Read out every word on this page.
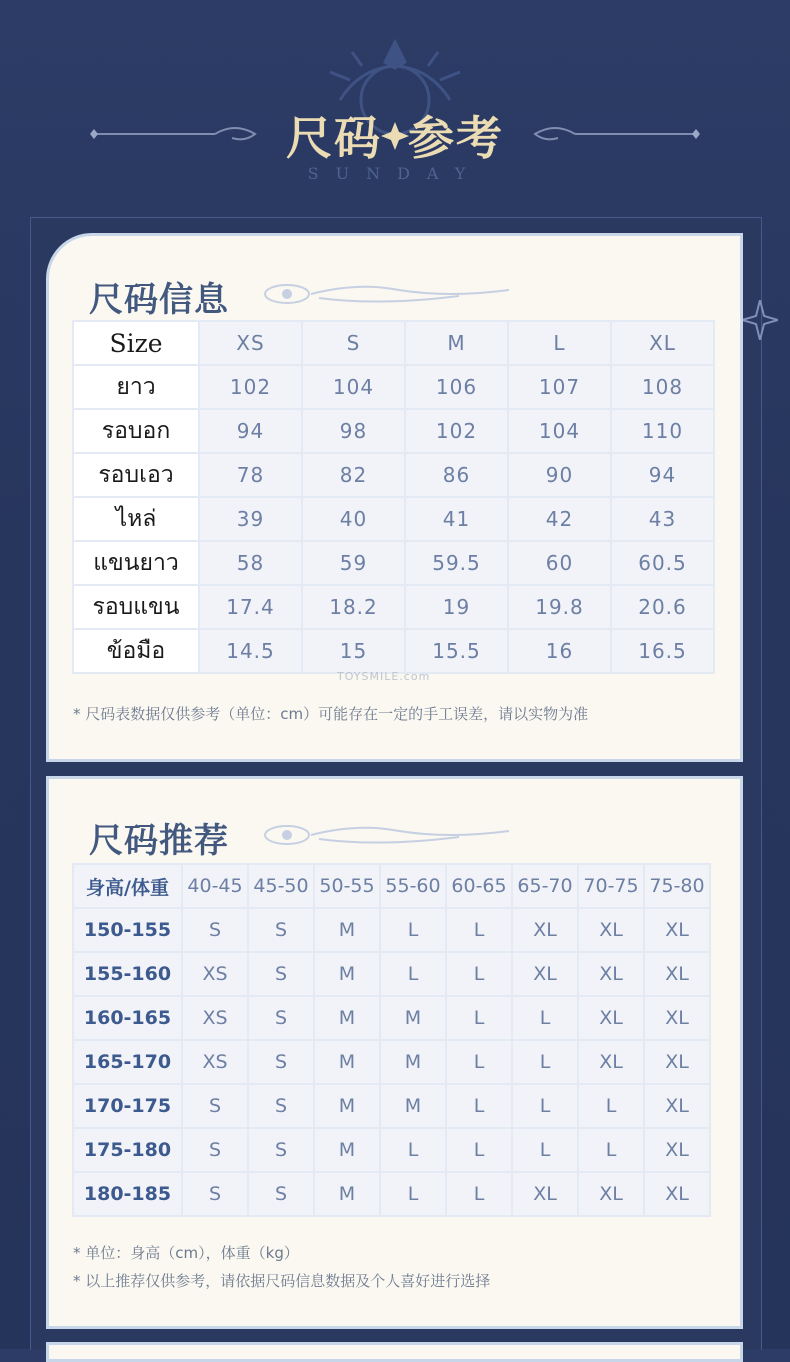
尺码 参考
SUNDAY
尺码信息
Size	XS	S	M	L	XL
ยาว	102	104	106	107	108
รอบอก	94	98	102	104	110
รอบเอว	78	82	86	90	94
ไหล่	39	40	41	42	43
แขนยาว	58	59	59.5	60	60.5
รอบแขน	17.4	18.2	19	19.8	20.6
ข้อมือ	14.5	15	15.5	16	16.5
TOYSMILE.com
* 尺码表数据仅供参考（单位：cm）可能存在一定的手工误差，请以实物为准
尺码推荐
身高/体重	40-45	45-50	50-55	55-60	60-65	65-70	70-75	75-80
150-155	S	S	M	L	L	XL	XL	XL
155-160	XS	S	M	L	L	XL	XL	XL
160-165	XS	S	M	M	L	L	XL	XL
165-170	XS	S	M	M	L	L	XL	XL
170-175	S	S	M	M	L	L	L	XL
175-180	S	S	M	L	L	L	L	XL
180-185	S	S	M	L	L	XL	XL	XL
* 单位：身高（cm），体重（kg）
* 以上推荐仅供参考，请依据尺码信息数据及个人喜好进行选择
